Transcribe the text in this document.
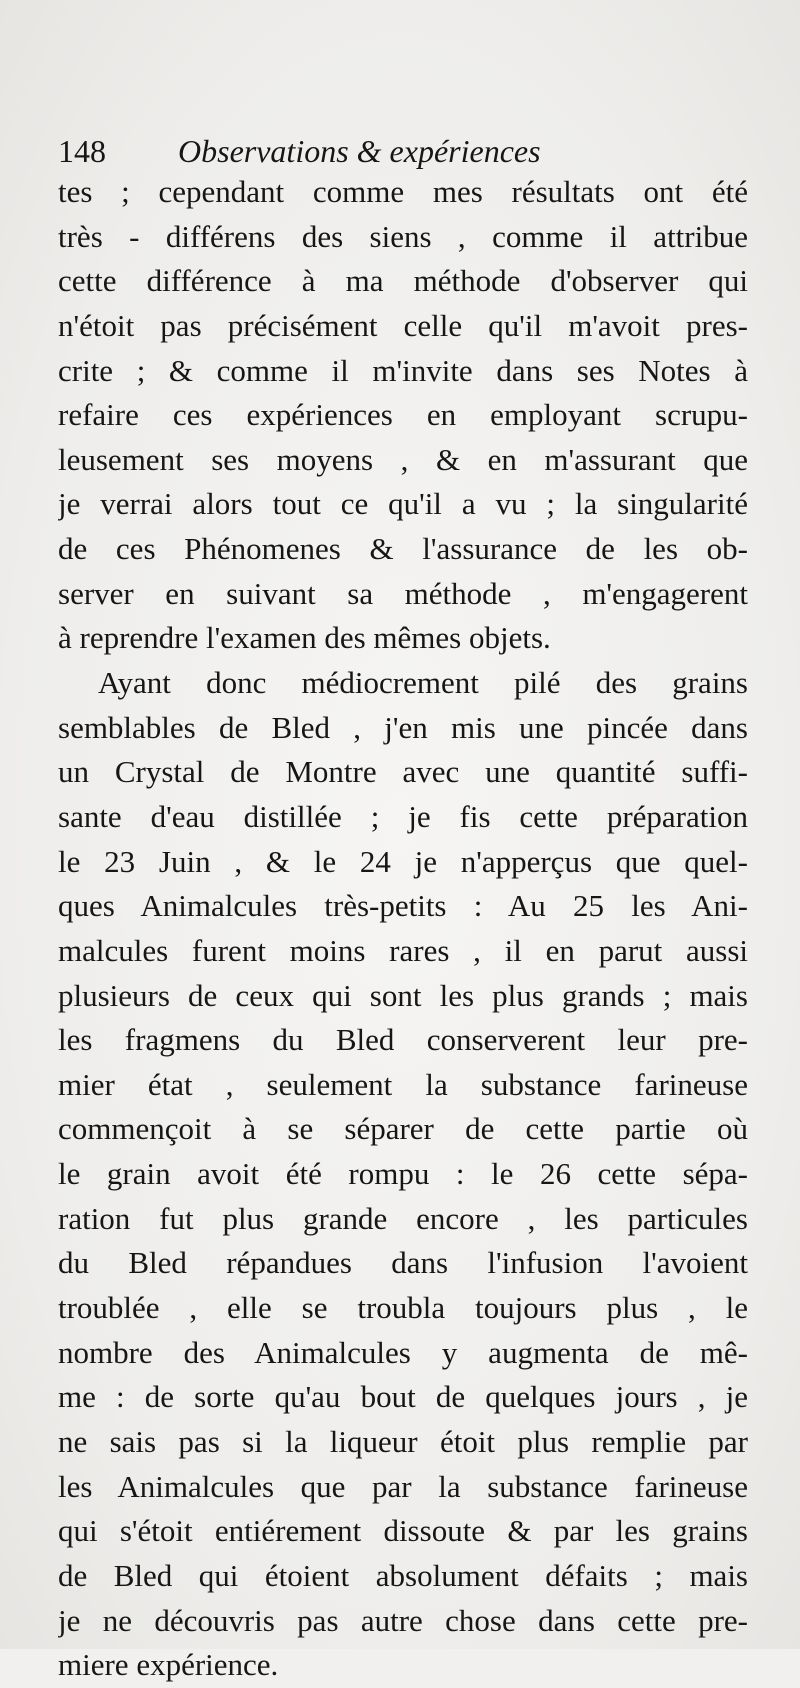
148 Observations & expériences
tes ; cependant comme mes résultats ont été
très - différens des siens , comme il attribue
cette différence à ma méthode d'observer qui
n'étoit pas précisément celle qu'il m'avoit pres-
crite ; & comme il m'invite dans ses Notes à
refaire ces expériences en employant scrupu-
leusement ses moyens , & en m'assurant que
je verrai alors tout ce qu'il a vu ; la singularité
de ces Phénomenes & l'assurance de les ob-
server en suivant sa méthode , m'engagerent
à reprendre l'examen des mêmes objets.
Ayant donc médiocrement pilé des grains
semblables de Bled , j'en mis une pincée dans
un Crystal de Montre avec une quantité suffi-
sante d'eau distillée ; je fis cette préparation
le 23 Juin , & le 24 je n'apperçus que quel-
ques Animalcules très-petits : Au 25 les Ani-
malcules furent moins rares , il en parut aussi
plusieurs de ceux qui sont les plus grands ; mais
les fragmens du Bled conserverent leur pre-
mier état , seulement la substance farineuse
commençoit à se séparer de cette partie où
le grain avoit été rompu : le 26 cette sépa-
ration fut plus grande encore , les particules
du Bled répandues dans l'infusion l'avoient
troublée , elle se troubla toujours plus , le
nombre des Animalcules y augmenta de mê-
me : de sorte qu'au bout de quelques jours , je
ne sais pas si la liqueur étoit plus remplie par
les Animalcules que par la substance farineuse
qui s'étoit entiérement dissoute & par les grains
de Bled qui étoient absolument défaits ; mais
je ne découvris pas autre chose dans cette pre-
miere expérience.
